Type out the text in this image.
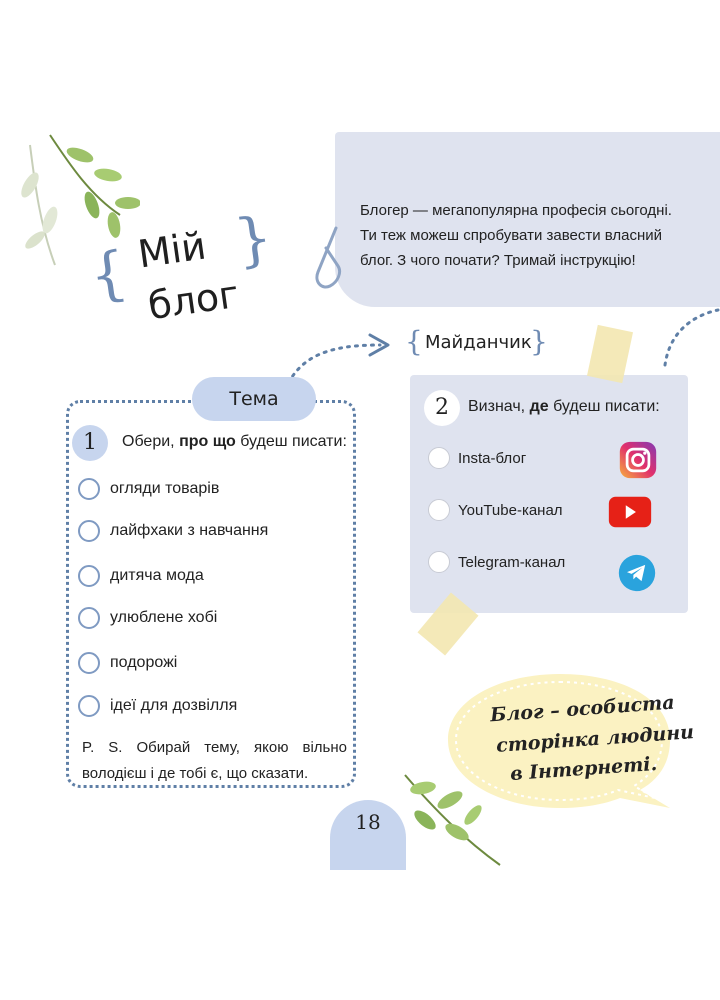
{ Мій
блог
}	Блогер — мегапопулярна професія сьогодні. Ти теж можеш спробувати завести власний блог. З чого почати? Тримай інструкцію!
Тема
1	Обери, про що будеш писати:
огляди товарів
лайфхаки з навчання
дитяча мода
улюблене хобі
подорожі
ідеї для дозвілля
P. S. Обирай тему, якою вільно володієш і де тобі є, що сказати.
{ Майданчик
}
2	Визнач, де будеш писати:
Insta-блог
YouTube-канал
Telegram-канал
Блог – особиста
сторінка людини
в Інтернеті.
18
